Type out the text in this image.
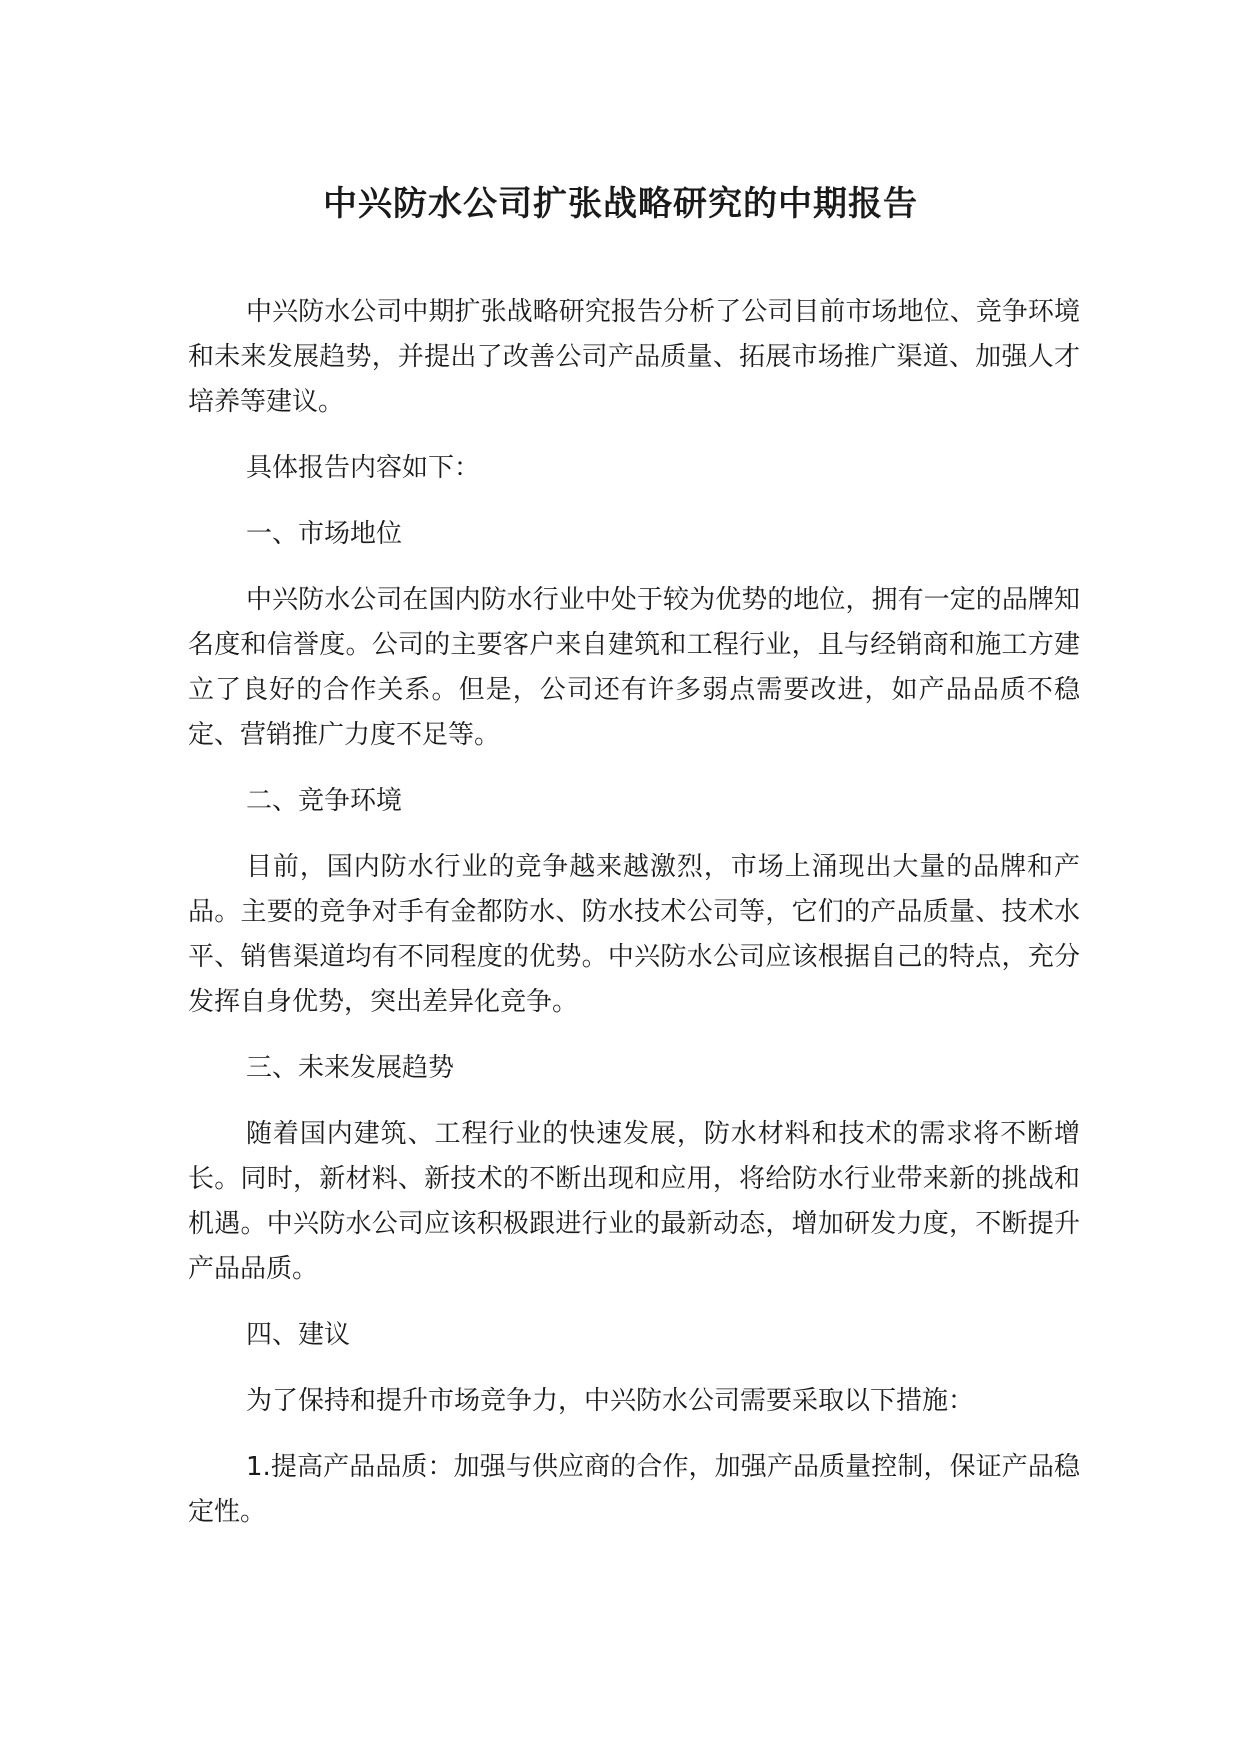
中兴防水公司扩张战略研究的中期报告

中兴防水公司中期扩张战略研究报告分析了公司目前市场地位、竞争环境和未来发展趋势，并提出了改善公司产品质量、拓展市场推广渠道、加强人才培养等建议。

具体报告内容如下：

一、市场地位

中兴防水公司在国内防水行业中处于较为优势的地位，拥有一定的品牌知名度和信誉度。公司的主要客户来自建筑和工程行业，且与经销商和施工方建立了良好的合作关系。但是，公司还有许多弱点需要改进，如产品品质不稳定、营销推广力度不足等。

二、竞争环境

目前，国内防水行业的竞争越来越激烈，市场上涌现出大量的品牌和产品。主要的竞争对手有金都防水、防水技术公司等，它们的产品质量、技术水平、销售渠道均有不同程度的优势。中兴防水公司应该根据自己的特点，充分发挥自身优势，突出差异化竞争。

三、未来发展趋势

随着国内建筑、工程行业的快速发展，防水材料和技术的需求将不断增长。同时，新材料、新技术的不断出现和应用，将给防水行业带来新的挑战和机遇。中兴防水公司应该积极跟进行业的最新动态，增加研发力度，不断提升产品品质。

四、建议

为了保持和提升市场竞争力，中兴防水公司需要采取以下措施：

1.提高产品品质：加强与供应商的合作，加强产品质量控制，保证产品稳定性。
